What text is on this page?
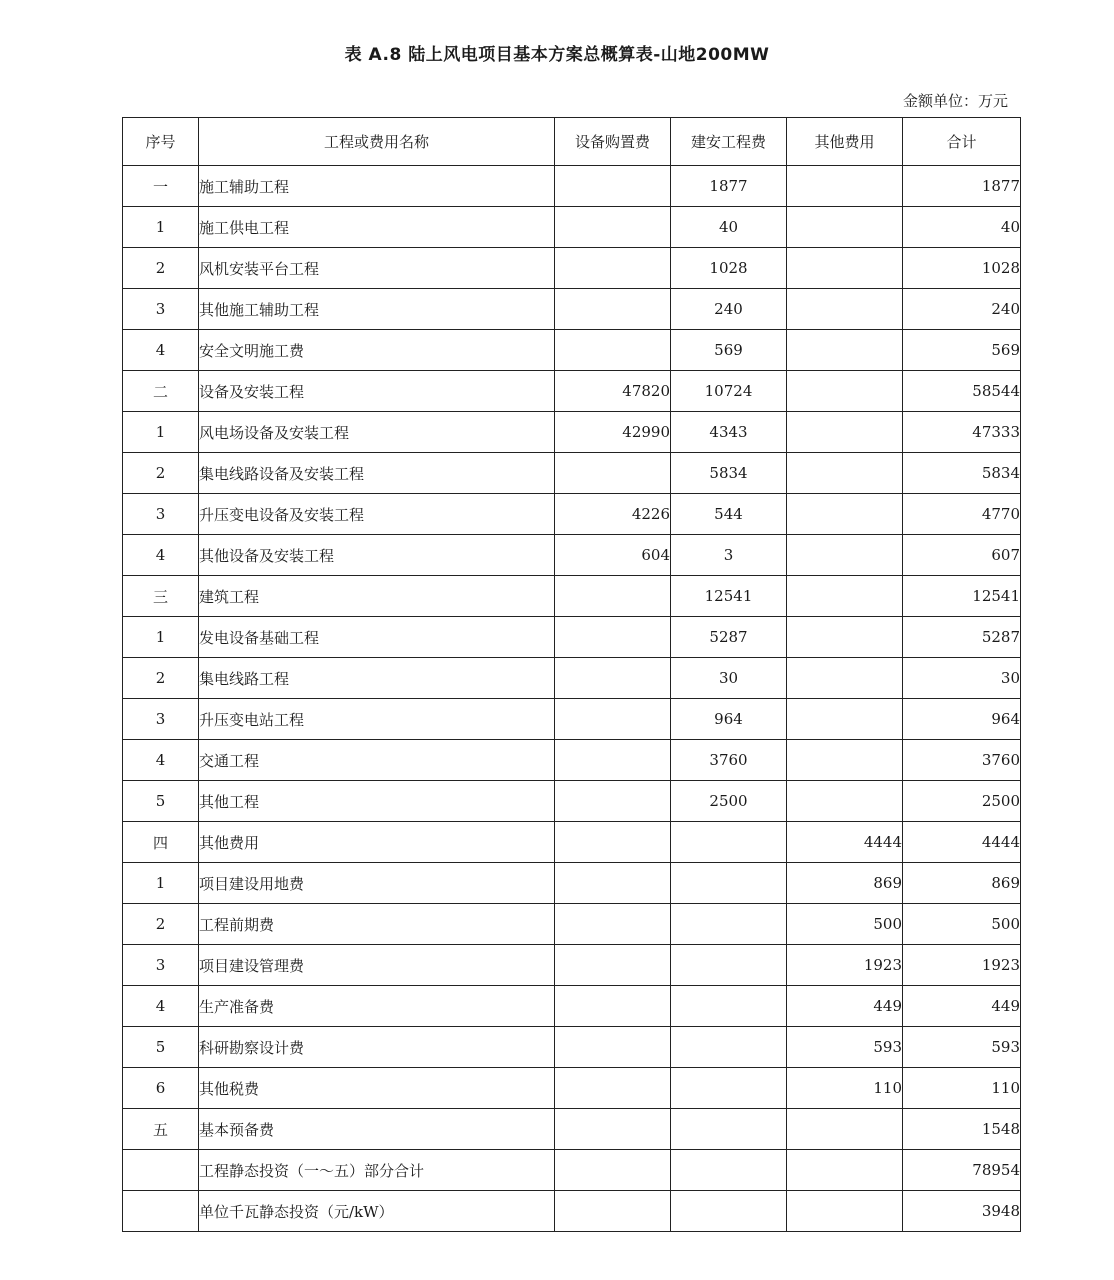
表 A.8 陆上风电项目基本方案总概算表-山地200MW
金额单位：万元
序号	工程或费用名称	设备购置费	建安工程费	其他费用	合计
一	施工辅助工程		1877		1877
1	施工供电工程		40		40
2	风机安装平台工程		1028		1028
3	其他施工辅助工程		240		240
4	安全文明施工费		569		569
二	设备及安装工程	47820	10724		58544
1	风电场设备及安装工程	42990	4343		47333
2	集电线路设备及安装工程		5834		5834
3	升压变电设备及安装工程	4226	544		4770
4	其他设备及安装工程	604	3		607
三	建筑工程		12541		12541
1	发电设备基础工程		5287		5287
2	集电线路工程		30		30
3	升压变电站工程		964		964
4	交通工程		3760		3760
5	其他工程		2500		2500
四	其他费用			4444	4444
1	项目建设用地费			869	869
2	工程前期费			500	500
3	项目建设管理费			1923	1923
4	生产准备费			449	449
5	科研勘察设计费			593	593
6	其他税费			110	110
五	基本预备费				1548
	工程静态投资（一～五）部分合计				78954
	单位千瓦静态投资（元/kW）				3948
